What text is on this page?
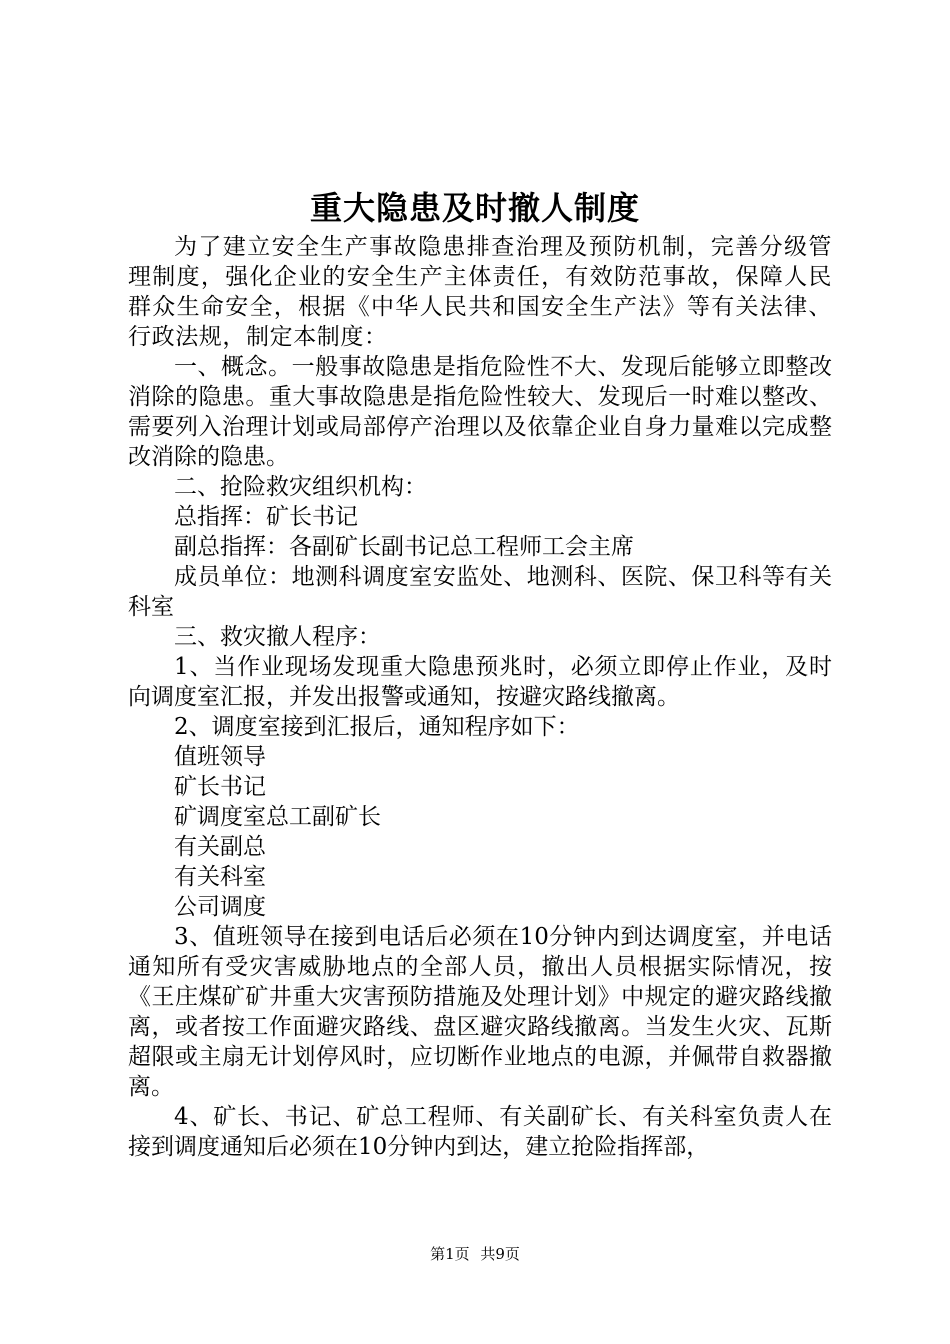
重大隐患及时撤人制度

为了建立安全生产事故隐患排查治理及预防机制，完善分级管理制度，强化企业的安全生产主体责任，有效防范事故，保障人民群众生命安全，根据《中华人民共和国安全生产法》等有关法律、行政法规，制定本制度：

一、概念。一般事故隐患是指危险性不大、发现后能够立即整改消除的隐患。重大事故隐患是指危险性较大、发现后一时难以整改、需要列入治理计划或局部停产治理以及依靠企业自身力量难以完成整改消除的隐患。

二、抢险救灾组织机构：

总指挥：矿长书记

副总指挥：各副矿长副书记总工程师工会主席

成员单位：地测科调度室安监处、地测科、医院、保卫科等有关科室

三、救灾撤人程序：

1、当作业现场发现重大隐患预兆时，必须立即停止作业，及时向调度室汇报，并发出报警或通知，按避灾路线撤离。

2、调度室接到汇报后，通知程序如下：

值班领导

矿长书记

矿调度室总工副矿长

有关副总

有关科室

公司调度

3、值班领导在接到电话后必须在10分钟内到达调度室，并电话通知所有受灾害威胁地点的全部人员，撤出人员根据实际情况，按《王庄煤矿矿井重大灾害预防措施及处理计划》中规定的避灾路线撤离，或者按工作面避灾路线、盘区避灾路线撤离。当发生火灾、瓦斯超限或主扇无计划停风时，应切断作业地点的电源，并佩带自救器撤离。

4、矿长、书记、矿总工程师、有关副矿长、有关科室负责人在接到调度通知后必须在10分钟内到达，建立抢险指挥部，

第1页 共9页
